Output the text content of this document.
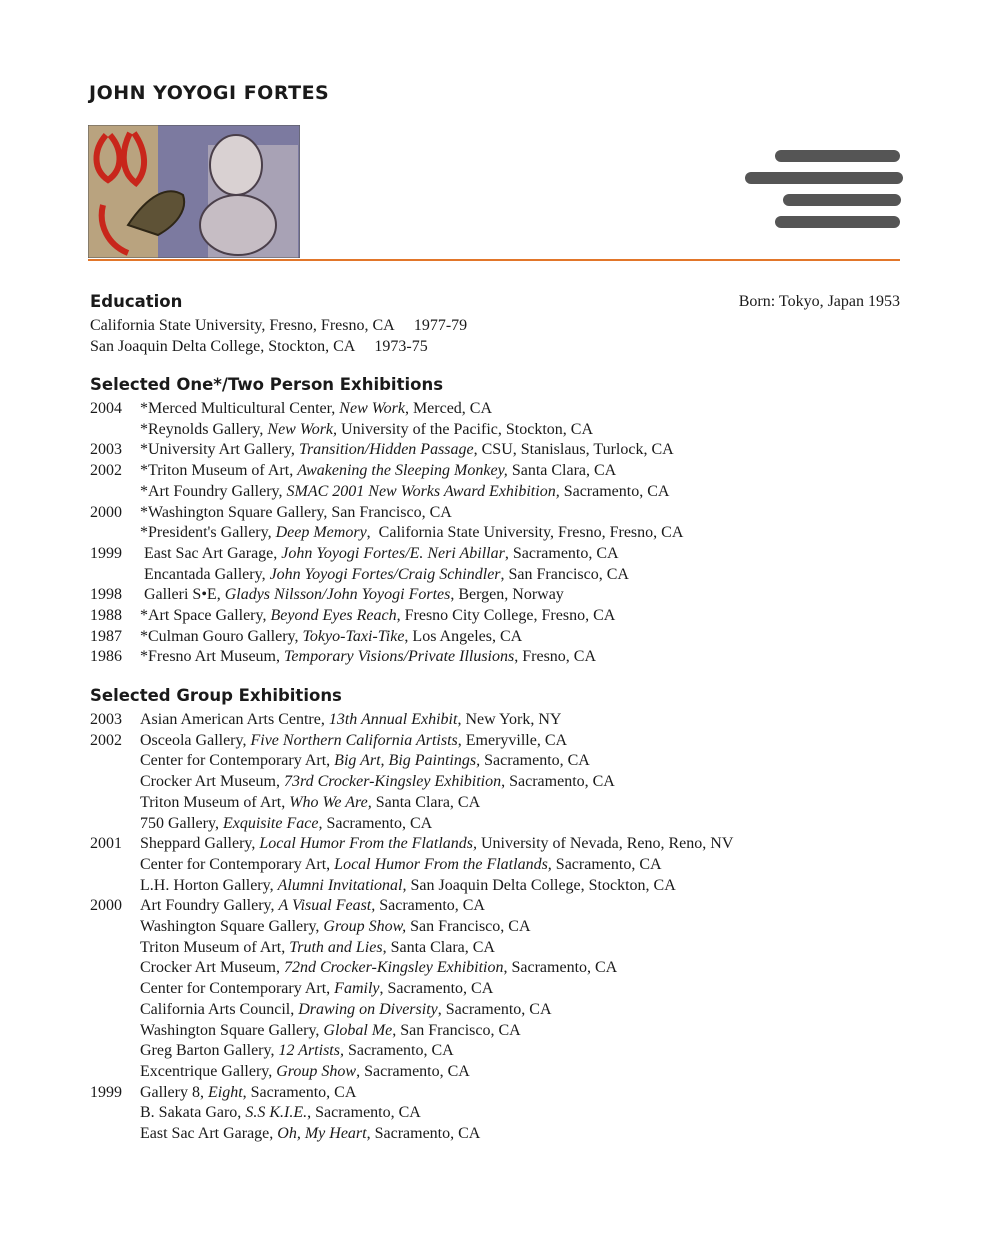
JOHN YOYOGI FORTES
Born: Tokyo, Japan 1953
Education
California State University, Fresno, Fresno, CA     1977-79
San Joaquin Delta College, Stockton, CA     1973-75
Selected One*/Two Person Exhibitions
2004	*Merced Multicultural Center, New Work, Merced, CA
*Reynolds Gallery, New Work, University of the Pacific, Stockton, CA
2003	*University Art Gallery, Transition/Hidden Passage, CSU, Stanislaus, Turlock, CA
2002	*Triton Museum of Art, Awakening the Sleeping Monkey, Santa Clara, CA
*Art Foundry Gallery, SMAC 2001 New Works Award Exhibition, Sacramento, CA
2000	*Washington Square Gallery, San Francisco, CA
*President's Gallery, Deep Memory,  California State University, Fresno, Fresno, CA
1999	East Sac Art Garage, John Yoyogi Fortes/E. Neri Abillar, Sacramento, CA
Encantada Gallery, John Yoyogi Fortes/Craig Schindler, San Francisco, CA
1998	Galleri S•E, Gladys Nilsson/John Yoyogi Fortes, Bergen, Norway
1988	*Art Space Gallery, Beyond Eyes Reach, Fresno City College, Fresno, CA
1987	*Culman Gouro Gallery, Tokyo-Taxi-Tike, Los Angeles, CA
1986	*Fresno Art Museum, Temporary Visions/Private Illusions, Fresno, CA
Selected Group Exhibitions
2003	Asian American Arts Centre, 13th Annual Exhibit, New York, NY
2002	Osceola Gallery, Five Northern California Artists, Emeryville, CA
Center for Contemporary Art, Big Art, Big Paintings, Sacramento, CA
Crocker Art Museum, 73rd Crocker-Kingsley Exhibition, Sacramento, CA
Triton Museum of Art, Who We Are, Santa Clara, CA
750 Gallery, Exquisite Face, Sacramento, CA
2001	Sheppard Gallery, Local Humor From the Flatlands, University of Nevada, Reno, Reno, NV
Center for Contemporary Art, Local Humor From the Flatlands, Sacramento, CA
L.H. Horton Gallery, Alumni Invitational, San Joaquin Delta College, Stockton, CA
2000	Art Foundry Gallery, A Visual Feast, Sacramento, CA
Washington Square Gallery, Group Show, San Francisco, CA
Triton Museum of Art, Truth and Lies, Santa Clara, CA
Crocker Art Museum, 72nd Crocker-Kingsley Exhibition, Sacramento, CA
Center for Contemporary Art, Family, Sacramento, CA
California Arts Council, Drawing on Diversity, Sacramento, CA
Washington Square Gallery, Global Me, San Francisco, CA
Greg Barton Gallery, 12 Artists, Sacramento, CA
Excentrique Gallery, Group Show, Sacramento, CA
1999	Gallery 8, Eight, Sacramento, CA
B. Sakata Garo, S.S K.I.E., Sacramento, CA
East Sac Art Garage, Oh, My Heart, Sacramento, CA
